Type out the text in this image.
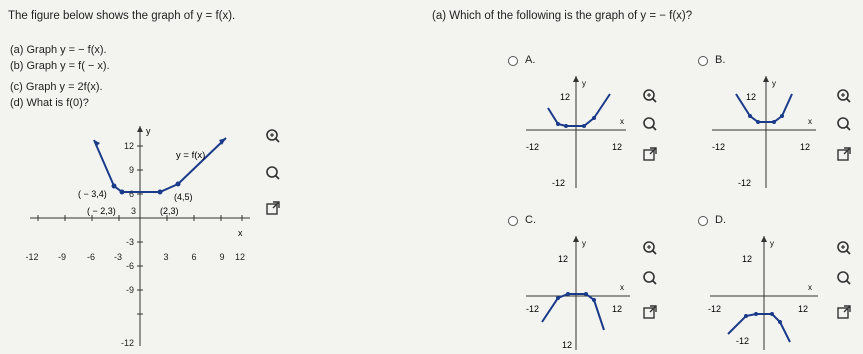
The figure below shows the graph of y = f(x).
(a) Graph y = − f(x).
(b) Graph y = f( − x).
(c) Graph y = 2f(x).
(d) What is f(0)?
y
x
-12 -9 -6 -3	3	6	9 12
12
9
6
3
-3
-6
-9
-12
y = f(x)
( − 3,4)
( − 2,3)	(2,3)
(4,5)
(a) Which of the following is the graph of y = − f(x)?
A.
y
x
12
-12
-12	12
B.
y
x
12
-12
-12	12
C.
y
x
12
12
-12	12
D.
y
x
12
-12
-12	12
